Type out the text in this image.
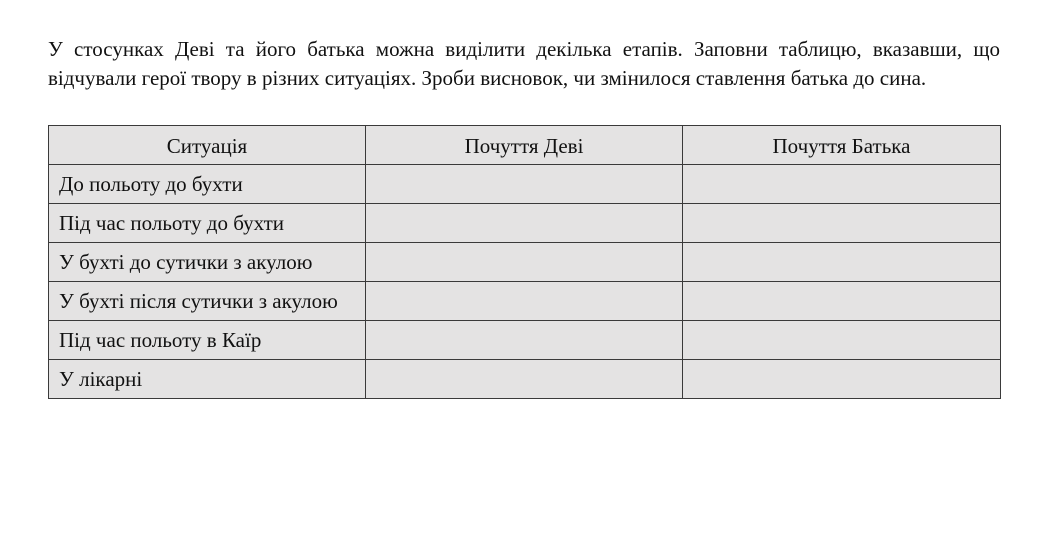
У стосунках Деві та його батька можна виділити декілька етапів. Заповни таблицю, вказавши, що відчували герої твору в різних ситуаціях. Зроби висновок, чи змінилося ставлення батька до сина.

Ситуація	Почуття Деві	Почуття Батька
До польоту до бухти		
Під час польоту до бухти		
У бухті до сутички з акулою		
У бухті після сутички з акулою		
Під час польоту в Каїр		
У лікарні		
